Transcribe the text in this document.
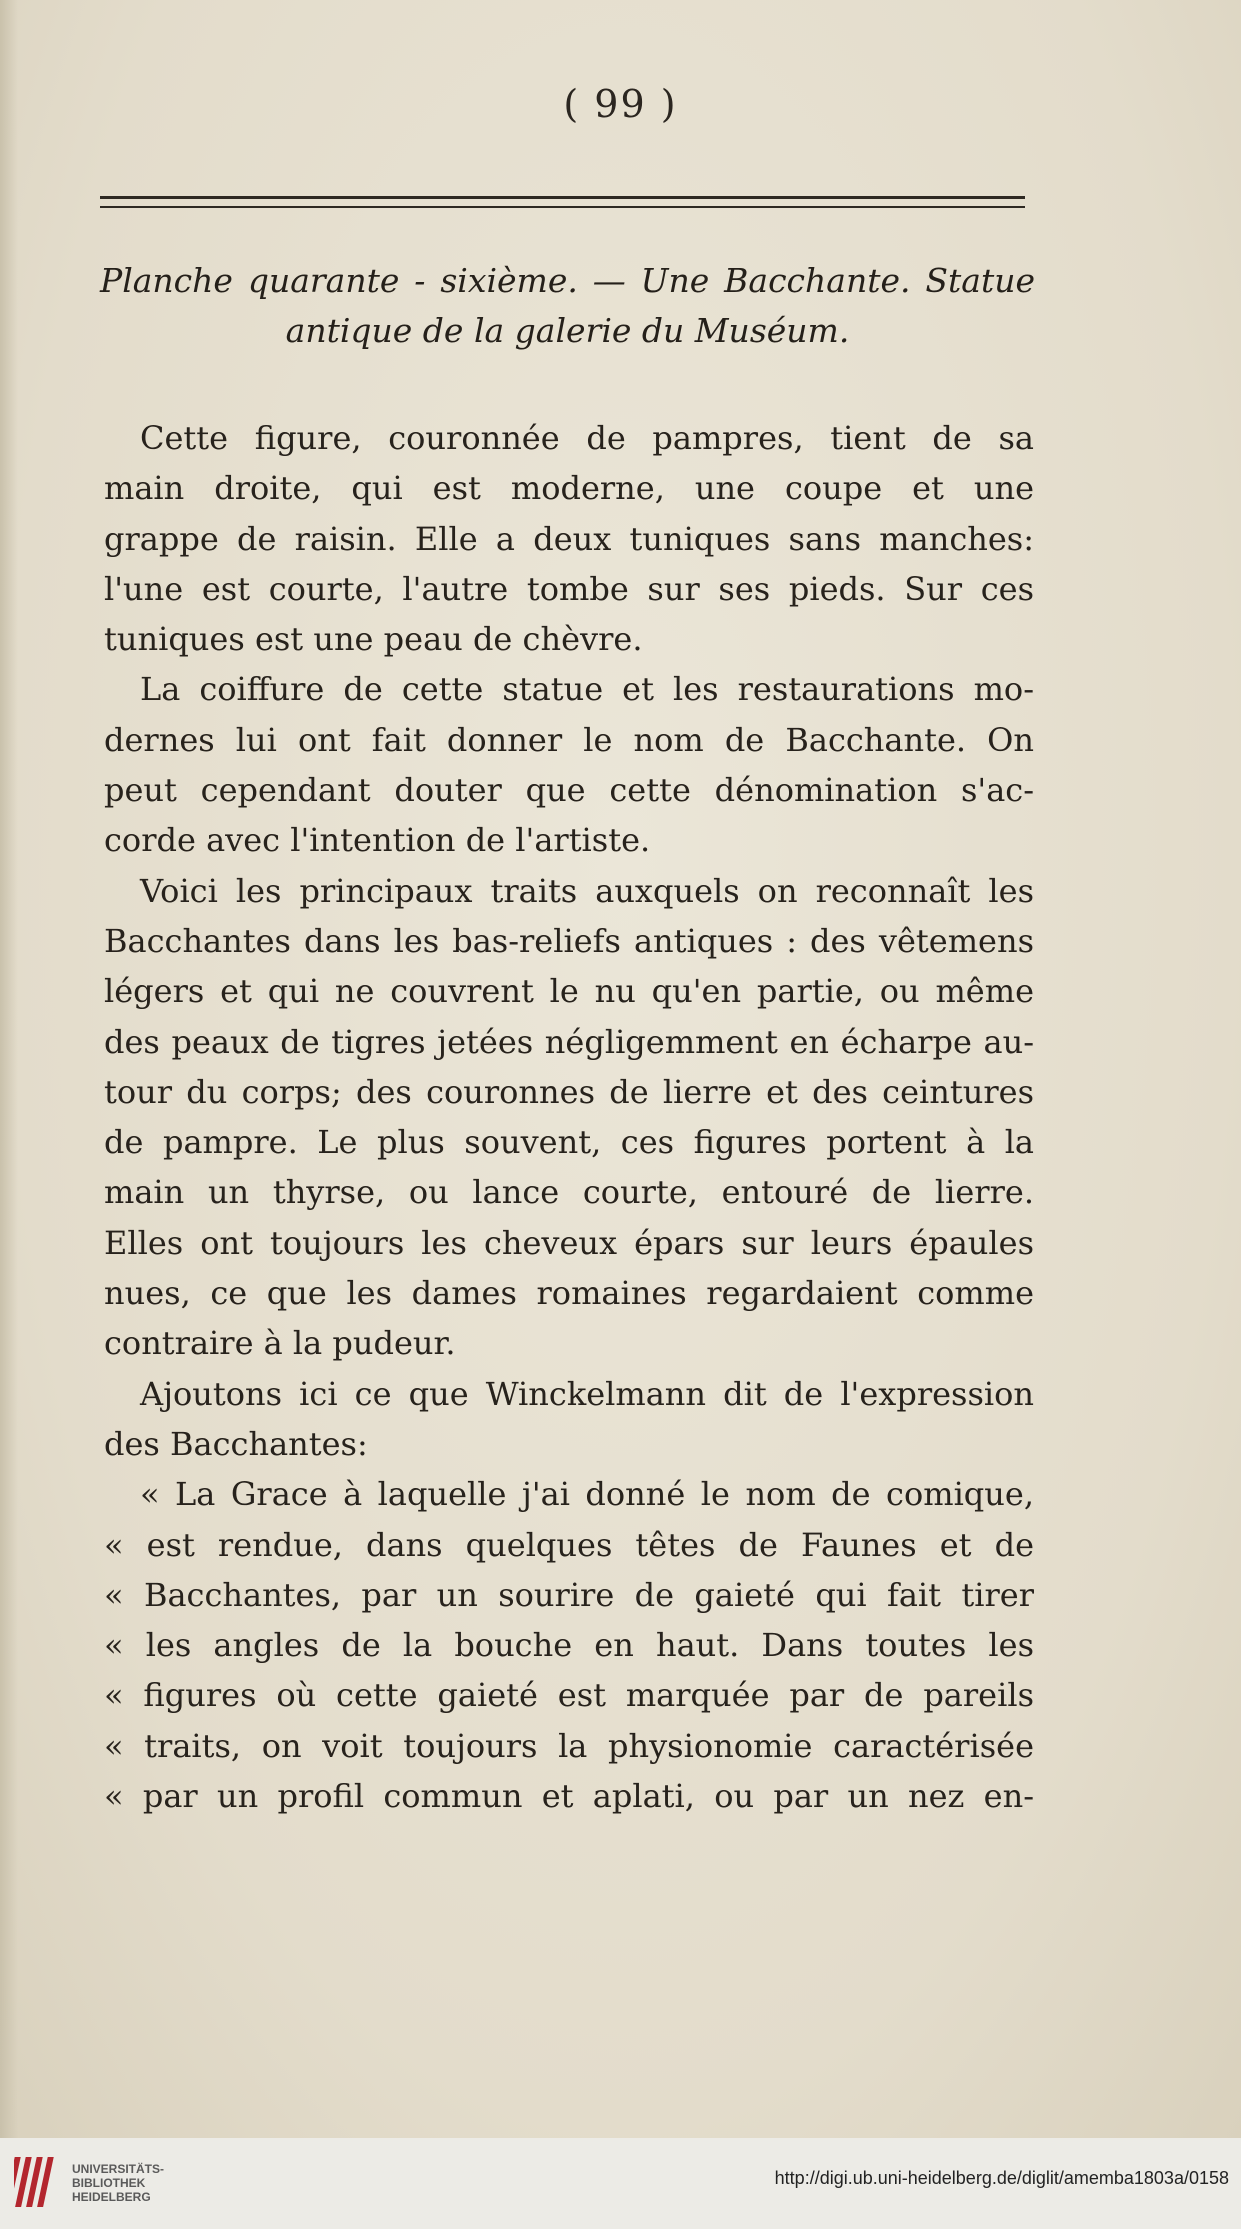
( 99 )
Planche quarante - sixième. — Une Bacchante. Statue
antique de la galerie du Muséum.
Cette figure, couronnée de pampres, tient de sa
main droite, qui est moderne, une coupe et une
grappe de raisin. Elle a deux tuniques sans manches:
l'une est courte, l'autre tombe sur ses pieds. Sur ces
tuniques est une peau de chèvre.
La coiffure de cette statue et les restaurations mo-
dernes lui ont fait donner le nom de Bacchante. On
peut cependant douter que cette dénomination s'ac-
corde avec l'intention de l'artiste.
Voici les principaux traits auxquels on reconnaît les
Bacchantes dans les bas-reliefs antiques : des vêtemens
légers et qui ne couvrent le nu qu'en partie, ou même
des peaux de tigres jetées négligemment en écharpe au-
tour du corps; des couronnes de lierre et des ceintures
de pampre. Le plus souvent, ces figures portent à la
main un thyrse, ou lance courte, entouré de lierre.
Elles ont toujours les cheveux épars sur leurs épaules
nues, ce que les dames romaines regardaient comme
contraire à la pudeur.
Ajoutons ici ce que Winckelmann dit de l'expression
des Bacchantes:
« La Grace à laquelle j'ai donné le nom de comique,
« est rendue, dans quelques têtes de Faunes et de
« Bacchantes, par un sourire de gaieté qui fait tirer
« les angles de la bouche en haut. Dans toutes les
« figures où cette gaieté est marquée par de pareils
« traits, on voit toujours la physionomie caractérisée
« par un profil commun et aplati, ou par un nez en-
UNIVERSITÄTS-
BIBLIOTHEK
HEIDELBERG
http://digi.ub.uni-heidelberg.de/diglit/amemba1803a/0158
